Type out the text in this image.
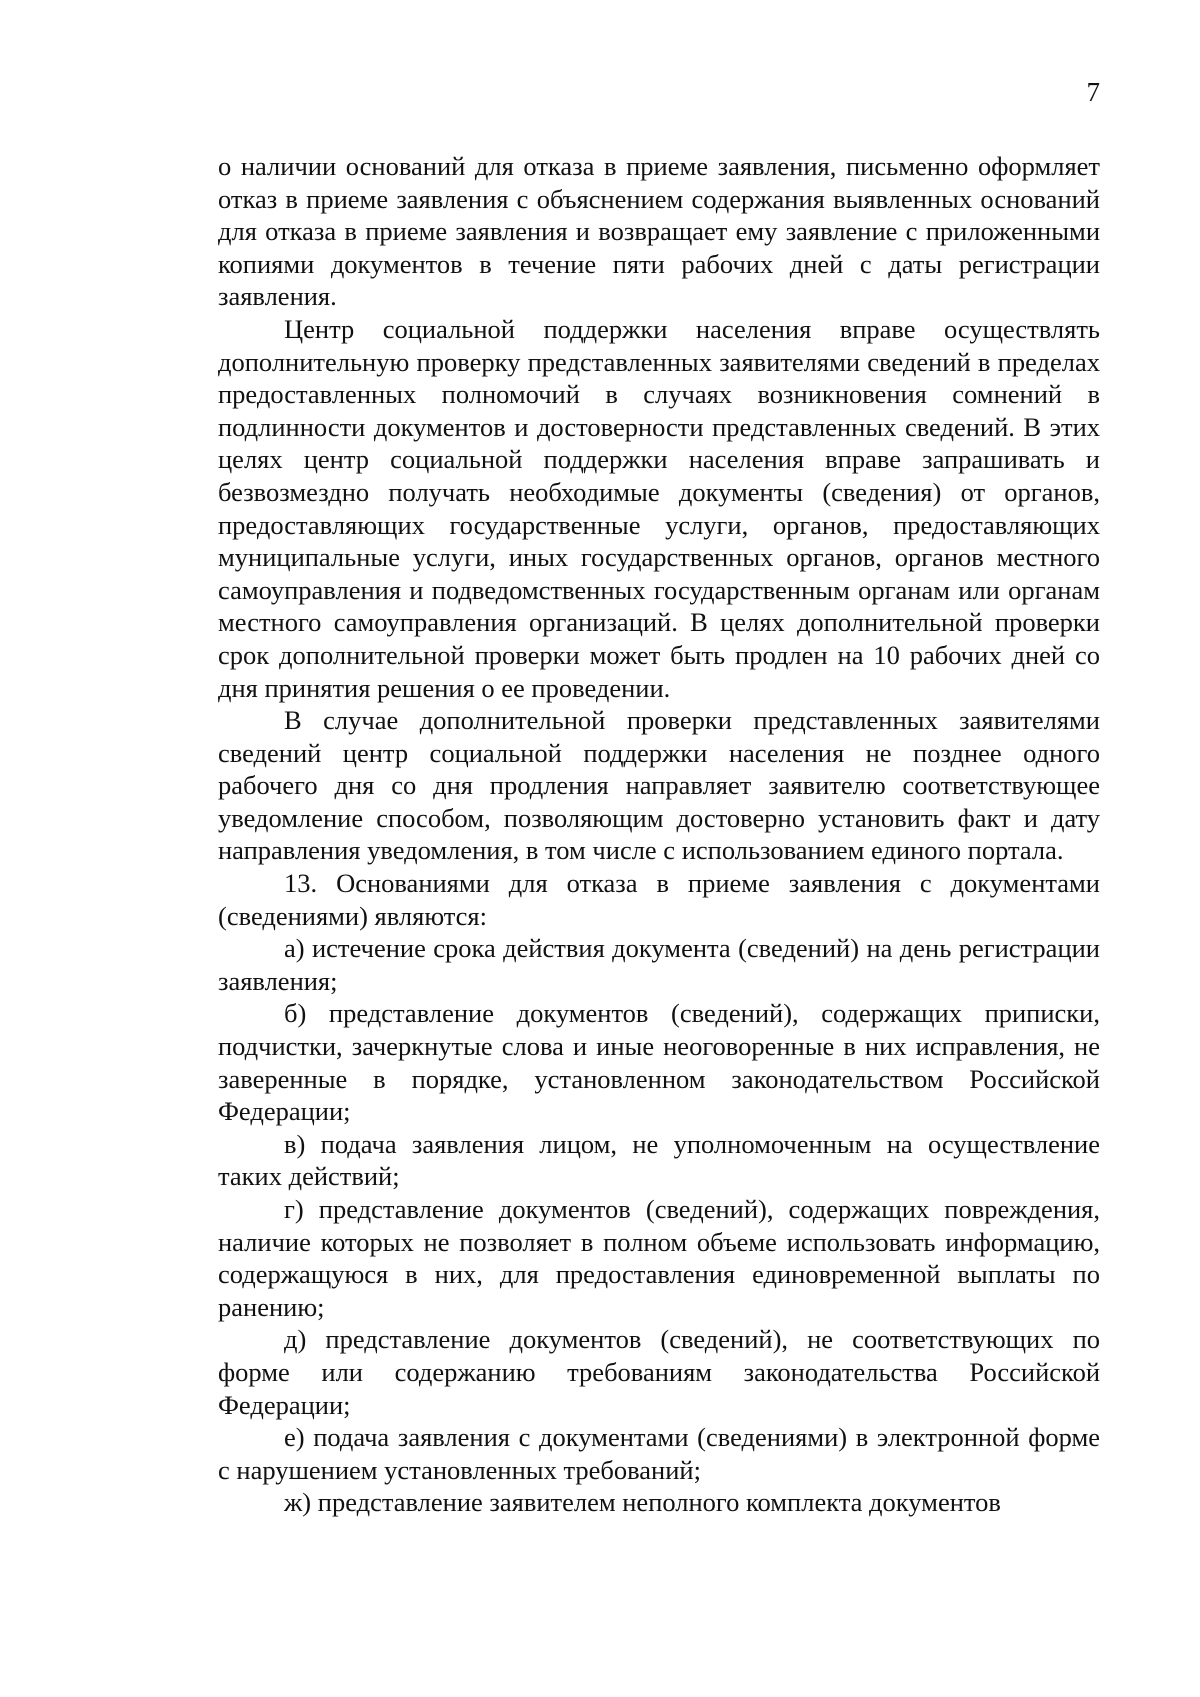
7

о наличии оснований для отказа в приеме заявления, письменно оформляет отказ в приеме заявления с объяснением содержания выявленных оснований для отказа в приеме заявления и возвращает ему заявление с приложенными копиями документов в течение пяти рабочих дней с даты регистрации заявления.

Центр социальной поддержки населения вправе осуществлять дополнительную проверку представленных заявителями сведений в пределах предоставленных полномочий в случаях возникновения сомнений в подлинности документов и достоверности представленных сведений. В этих целях центр социальной поддержки населения вправе запрашивать и безвозмездно получать необходимые документы (сведения) от органов, предоставляющих государственные услуги, органов, предоставляющих муниципальные услуги, иных государственных органов, органов местного самоуправления и подведомственных государственным органам или органам местного самоуправления организаций. В целях дополнительной проверки срок дополнительной проверки может быть продлен на 10 рабочих дней со дня принятия решения о ее проведении.

В случае дополнительной проверки представленных заявителями сведений центр социальной поддержки населения не позднее одного рабочего дня со дня продления направляет заявителю соответствующее уведомление способом, позволяющим достоверно установить факт и дату направления уведомления, в том числе с использованием единого портала.

13. Основаниями для отказа в приеме заявления с документами (сведениями) являются:

а) истечение срока действия документа (сведений) на день регистрации заявления;

б) представление документов (сведений), содержащих приписки, подчистки, зачеркнутые слова и иные неоговоренные в них исправления, не заверенные в порядке, установленном законодательством Российской Федерации;

в) подача заявления лицом, не уполномоченным на осуществление таких действий;

г) представление документов (сведений), содержащих повреждения, наличие которых не позволяет в полном объеме использовать информацию, содержащуюся в них, для предоставления единовременной выплаты по ранению;

д) представление документов (сведений), не соответствующих по форме или содержанию требованиям законодательства Российской Федерации;

е) подача заявления с документами (сведениями) в электронной форме с нарушением установленных требований;

ж) представление заявителем неполного комплекта документов
